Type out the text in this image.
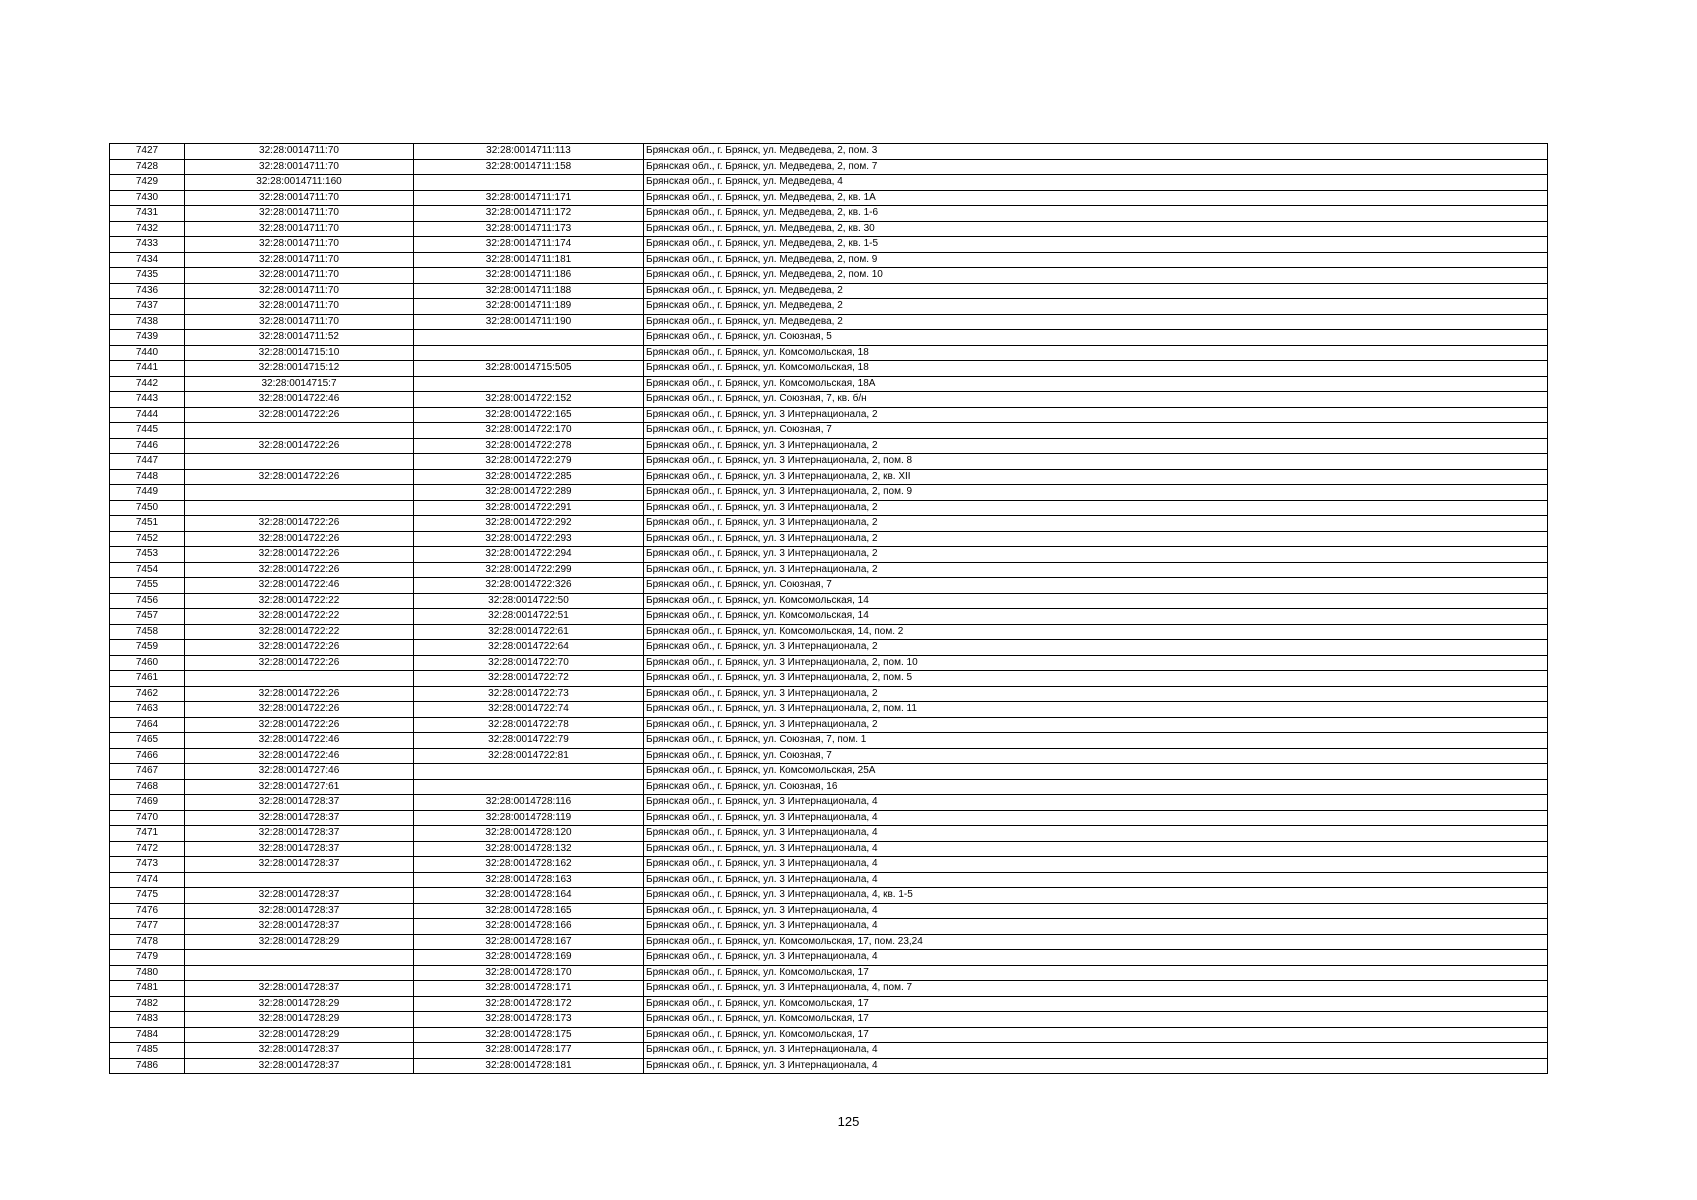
7427	32:28:0014711:70	32:28:0014711:113	Брянская обл., г. Брянск, ул. Медведева, 2, пом. 3
7428	32:28:0014711:70	32:28:0014711:158	Брянская обл., г. Брянск, ул. Медведева, 2, пом. 7
7429	32:28:0014711:160		Брянская обл., г. Брянск, ул. Медведева, 4
7430	32:28:0014711:70	32:28:0014711:171	Брянская обл., г. Брянск, ул. Медведева, 2, кв. 1А
7431	32:28:0014711:70	32:28:0014711:172	Брянская обл., г. Брянск, ул. Медведева, 2, кв. 1-6
7432	32:28:0014711:70	32:28:0014711:173	Брянская обл., г. Брянск, ул. Медведева, 2, кв. 30
7433	32:28:0014711:70	32:28:0014711:174	Брянская обл., г. Брянск, ул. Медведева, 2, кв. 1-5
7434	32:28:0014711:70	32:28:0014711:181	Брянская обл., г. Брянск, ул. Медведева, 2, пом. 9
7435	32:28:0014711:70	32:28:0014711:186	Брянская обл., г. Брянск, ул. Медведева, 2, пом. 10
7436	32:28:0014711:70	32:28:0014711:188	Брянская обл., г. Брянск, ул. Медведева, 2
7437	32:28:0014711:70	32:28:0014711:189	Брянская обл., г. Брянск, ул. Медведева, 2
7438	32:28:0014711:70	32:28:0014711:190	Брянская обл., г. Брянск, ул. Медведева, 2
7439	32:28:0014711:52		Брянская обл., г. Брянск, ул. Союзная, 5
7440	32:28:0014715:10		Брянская обл., г. Брянск, ул. Комсомольская, 18
7441	32:28:0014715:12	32:28:0014715:505	Брянская обл., г. Брянск, ул. Комсомольская, 18
7442	32:28:0014715:7		Брянская обл., г. Брянск, ул. Комсомольская, 18А
7443	32:28:0014722:46	32:28:0014722:152	Брянская обл., г. Брянск, ул. Союзная, 7, кв. б/н
7444	32:28:0014722:26	32:28:0014722:165	Брянская обл., г. Брянск, ул. 3 Интернационала, 2
7445		32:28:0014722:170	Брянская обл., г. Брянск, ул. Союзная, 7
7446	32:28:0014722:26	32:28:0014722:278	Брянская обл., г. Брянск, ул. 3 Интернационала, 2
7447		32:28:0014722:279	Брянская обл., г. Брянск, ул. 3 Интернационала, 2, пом. 8
7448	32:28:0014722:26	32:28:0014722:285	Брянская обл., г. Брянск, ул. 3 Интернационала, 2, кв. XII
7449		32:28:0014722:289	Брянская обл., г. Брянск, ул. 3 Интернационала, 2, пом. 9
7450		32:28:0014722:291	Брянская обл., г. Брянск, ул. 3 Интернационала, 2
7451	32:28:0014722:26	32:28:0014722:292	Брянская обл., г. Брянск, ул. 3 Интернационала, 2
7452	32:28:0014722:26	32:28:0014722:293	Брянская обл., г. Брянск, ул. 3 Интернационала, 2
7453	32:28:0014722:26	32:28:0014722:294	Брянская обл., г. Брянск, ул. 3 Интернационала, 2
7454	32:28:0014722:26	32:28:0014722:299	Брянская обл., г. Брянск, ул. 3 Интернационала, 2
7455	32:28:0014722:46	32:28:0014722:326	Брянская обл., г. Брянск, ул. Союзная, 7
7456	32:28:0014722:22	32:28:0014722:50	Брянская обл., г. Брянск, ул. Комсомольская, 14
7457	32:28:0014722:22	32:28:0014722:51	Брянская обл., г. Брянск, ул. Комсомольская, 14
7458	32:28:0014722:22	32:28:0014722:61	Брянская обл., г. Брянск, ул. Комсомольская, 14, пом. 2
7459	32:28:0014722:26	32:28:0014722:64	Брянская обл., г. Брянск, ул. 3 Интернационала, 2
7460	32:28:0014722:26	32:28:0014722:70	Брянская обл., г. Брянск, ул. 3 Интернационала, 2, пом. 10
7461		32:28:0014722:72	Брянская обл., г. Брянск, ул. 3 Интернационала, 2, пом. 5
7462	32:28:0014722:26	32:28:0014722:73	Брянская обл., г. Брянск, ул. 3 Интернационала, 2
7463	32:28:0014722:26	32:28:0014722:74	Брянская обл., г. Брянск, ул. 3 Интернационала, 2, пом. 11
7464	32:28:0014722:26	32:28:0014722:78	Брянская обл., г. Брянск, ул. 3 Интернационала, 2
7465	32:28:0014722:46	32:28:0014722:79	Брянская обл., г. Брянск, ул. Союзная, 7, пом. 1
7466	32:28:0014722:46	32:28:0014722:81	Брянская обл., г. Брянск, ул. Союзная, 7
7467	32:28:0014727:46		Брянская обл., г. Брянск, ул. Комсомольская, 25А
7468	32:28:0014727:61		Брянская обл., г. Брянск, ул. Союзная, 16
7469	32:28:0014728:37	32:28:0014728:116	Брянская обл., г. Брянск, ул. 3 Интернационала, 4
7470	32:28:0014728:37	32:28:0014728:119	Брянская обл., г. Брянск, ул. 3 Интернационала, 4
7471	32:28:0014728:37	32:28:0014728:120	Брянская обл., г. Брянск, ул. 3 Интернационала, 4
7472	32:28:0014728:37	32:28:0014728:132	Брянская обл., г. Брянск, ул. 3 Интернационала, 4
7473	32:28:0014728:37	32:28:0014728:162	Брянская обл., г. Брянск, ул. 3 Интернационала, 4
7474		32:28:0014728:163	Брянская обл., г. Брянск, ул. 3 Интернационала, 4
7475	32:28:0014728:37	32:28:0014728:164	Брянская обл., г. Брянск, ул. 3 Интернационала, 4, кв. 1-5
7476	32:28:0014728:37	32:28:0014728:165	Брянская обл., г. Брянск, ул. 3 Интернационала, 4
7477	32:28:0014728:37	32:28:0014728:166	Брянская обл., г. Брянск, ул. 3 Интернационала, 4
7478	32:28:0014728:29	32:28:0014728:167	Брянская обл., г. Брянск, ул. Комсомольская, 17, пом. 23,24
7479		32:28:0014728:169	Брянская обл., г. Брянск, ул. 3 Интернационала, 4
7480		32:28:0014728:170	Брянская обл., г. Брянск, ул. Комсомольская, 17
7481	32:28:0014728:37	32:28:0014728:171	Брянская обл., г. Брянск, ул. 3 Интернационала, 4, пом. 7
7482	32:28:0014728:29	32:28:0014728:172	Брянская обл., г. Брянск, ул. Комсомольская, 17
7483	32:28:0014728:29	32:28:0014728:173	Брянская обл., г. Брянск, ул. Комсомольская, 17
7484	32:28:0014728:29	32:28:0014728:175	Брянская обл., г. Брянск, ул. Комсомольская, 17
7485	32:28:0014728:37	32:28:0014728:177	Брянская обл., г. Брянск, ул. 3 Интернационала, 4
7486	32:28:0014728:37	32:28:0014728:181	Брянская обл., г. Брянск, ул. 3 Интернационала, 4
125
